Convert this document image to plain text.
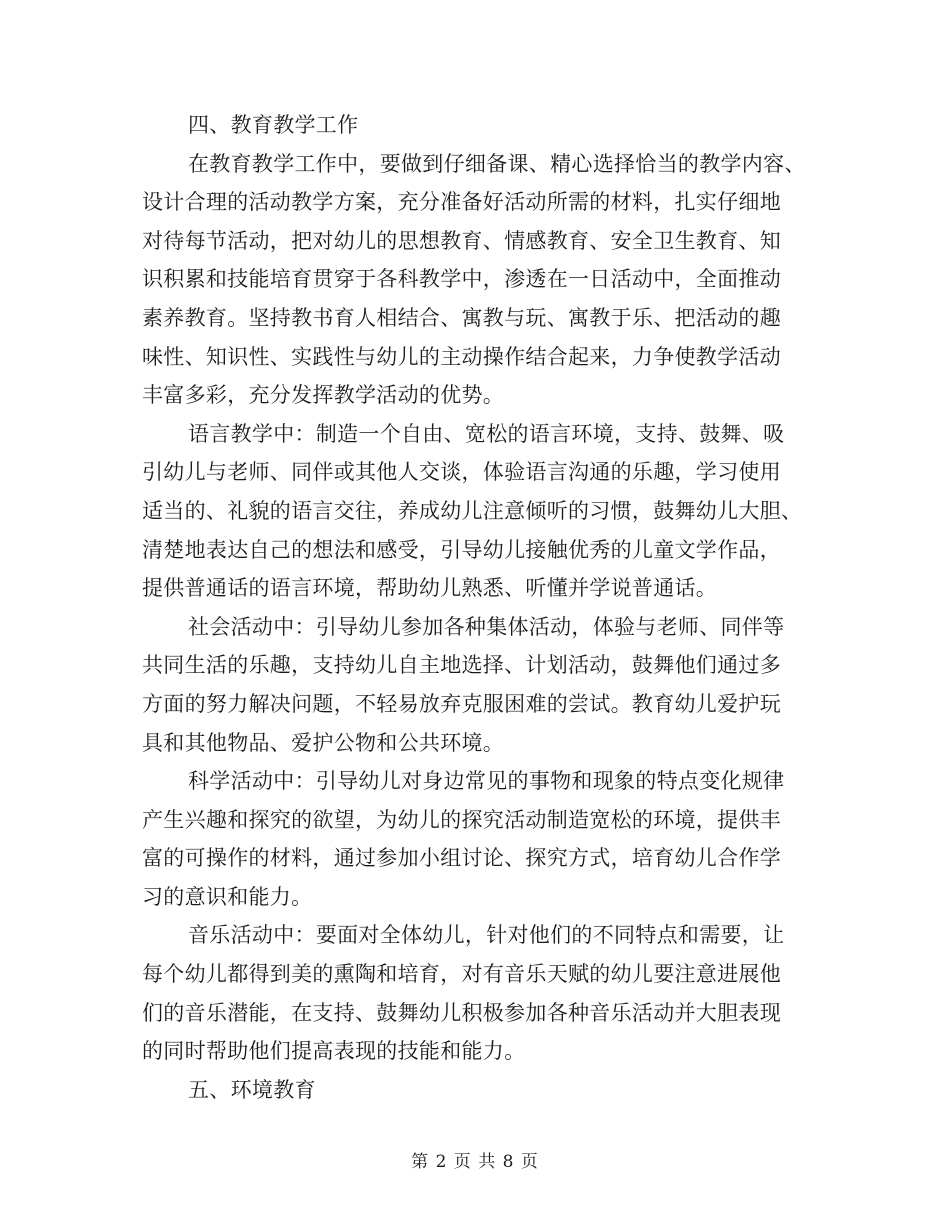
四、教育教学工作
在教育教学工作中，要做到仔细备课、精心选择恰当的教学内容、
设计合理的活动教学方案，充分准备好活动所需的材料，扎实仔细地
对待每节活动，把对幼儿的思想教育、情感教育、安全卫生教育、知
识积累和技能培育贯穿于各科教学中，渗透在一日活动中，全面推动
素养教育。坚持教书育人相结合、寓教与玩、寓教于乐、把活动的趣
味性、知识性、实践性与幼儿的主动操作结合起来，力争使教学活动
丰富多彩，充分发挥教学活动的优势。
语言教学中：制造一个自由、宽松的语言环境，支持、鼓舞、吸
引幼儿与老师、同伴或其他人交谈，体验语言沟通的乐趣，学习使用
适当的、礼貌的语言交往，养成幼儿注意倾听的习惯，鼓舞幼儿大胆、
清楚地表达自己的想法和感受，引导幼儿接触优秀的儿童文学作品，
提供普通话的语言环境，帮助幼儿熟悉、听懂并学说普通话。
社会活动中：引导幼儿参加各种集体活动，体验与老师、同伴等
共同生活的乐趣，支持幼儿自主地选择、计划活动，鼓舞他们通过多
方面的努力解决问题，不轻易放弃克服困难的尝试。教育幼儿爱护玩
具和其他物品、爱护公物和公共环境。
科学活动中：引导幼儿对身边常见的事物和现象的特点变化规律
产生兴趣和探究的欲望，为幼儿的探究活动制造宽松的环境，提供丰
富的可操作的材料，通过参加小组讨论、探究方式，培育幼儿合作学
习的意识和能力。
音乐活动中：要面对全体幼儿，针对他们的不同特点和需要，让
每个幼儿都得到美的熏陶和培育，对有音乐天赋的幼儿要注意进展他
们的音乐潜能，在支持、鼓舞幼儿积极参加各种音乐活动并大胆表现
的同时帮助他们提高表现的技能和能力。
五、环境教育
第 2 页 共 8 页
